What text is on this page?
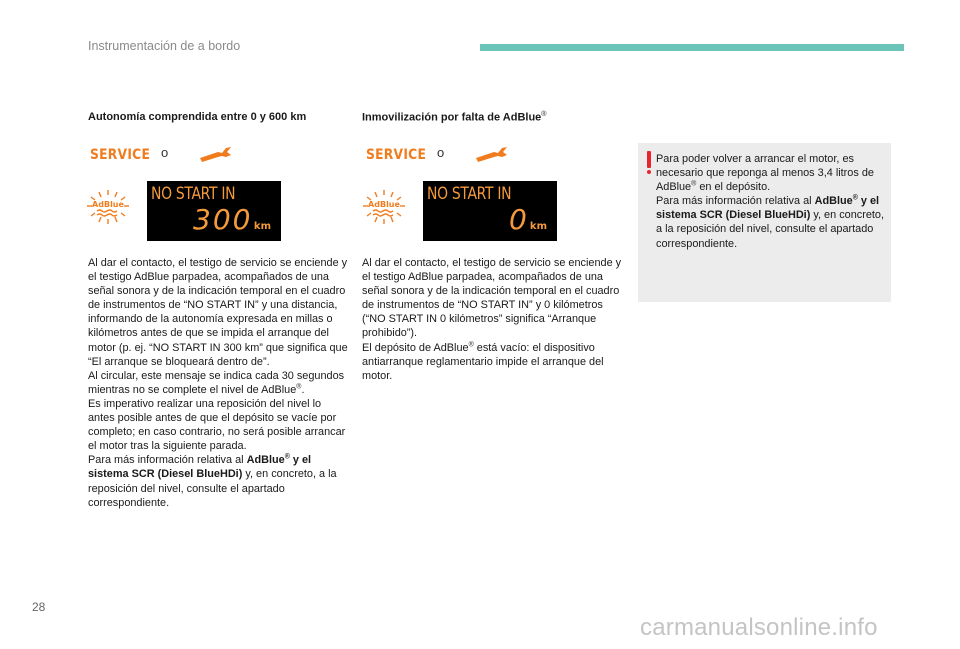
Instrumentación de a bordo
Autonomía comprendida entre 0 y 600 km
SERVICE o
AdBlue
NO START IN
300 km

Al dar el contacto, el testigo de servicio se enciende y el testigo AdBlue parpadea, acompañados de una señal sonora y de la indicación temporal en el cuadro de instrumentos de “NO START IN” y una distancia, informando de la autonomía expresada en millas o kilómetros antes de que se impida el arranque del motor (p. ej. “NO START IN 300 km” que significa que “El arranque se bloqueará dentro de”.

Al circular, este mensaje se indica cada 30 segundos mientras no se complete el nivel de AdBlue®.

Es imperativo realizar una reposición del nivel lo antes posible antes de que el depósito se vacíe por completo; en caso contrario, no será posible arrancar el motor tras la siguiente parada.

Para más información relativa al AdBlue® y el sistema SCR (Diesel BlueHDi) y, en concreto, a la reposición del nivel, consulte el apartado correspondiente.

Inmovilización por falta de AdBlue®
SERVICE o
AdBlue
NO START IN
0 km

Al dar el contacto, el testigo de servicio se enciende y el testigo AdBlue parpadea, acompañados de una señal sonora y de la indicación temporal en el cuadro de instrumentos de “NO START IN” y 0 kilómetros (“NO START IN 0 kilómetros” significa “Arranque prohibido”).

El depósito de AdBlue® está vacío: el dispositivo antiarranque reglamentario impide el arranque del motor.

Para poder volver a arrancar el motor, es necesario que reponga al menos 3,4 litros de AdBlue® en el depósito.

Para más información relativa al AdBlue® y el sistema SCR (Diesel BlueHDi) y, en concreto, a la reposición del nivel, consulte el apartado correspondiente.

28
carmanualsonline.info
